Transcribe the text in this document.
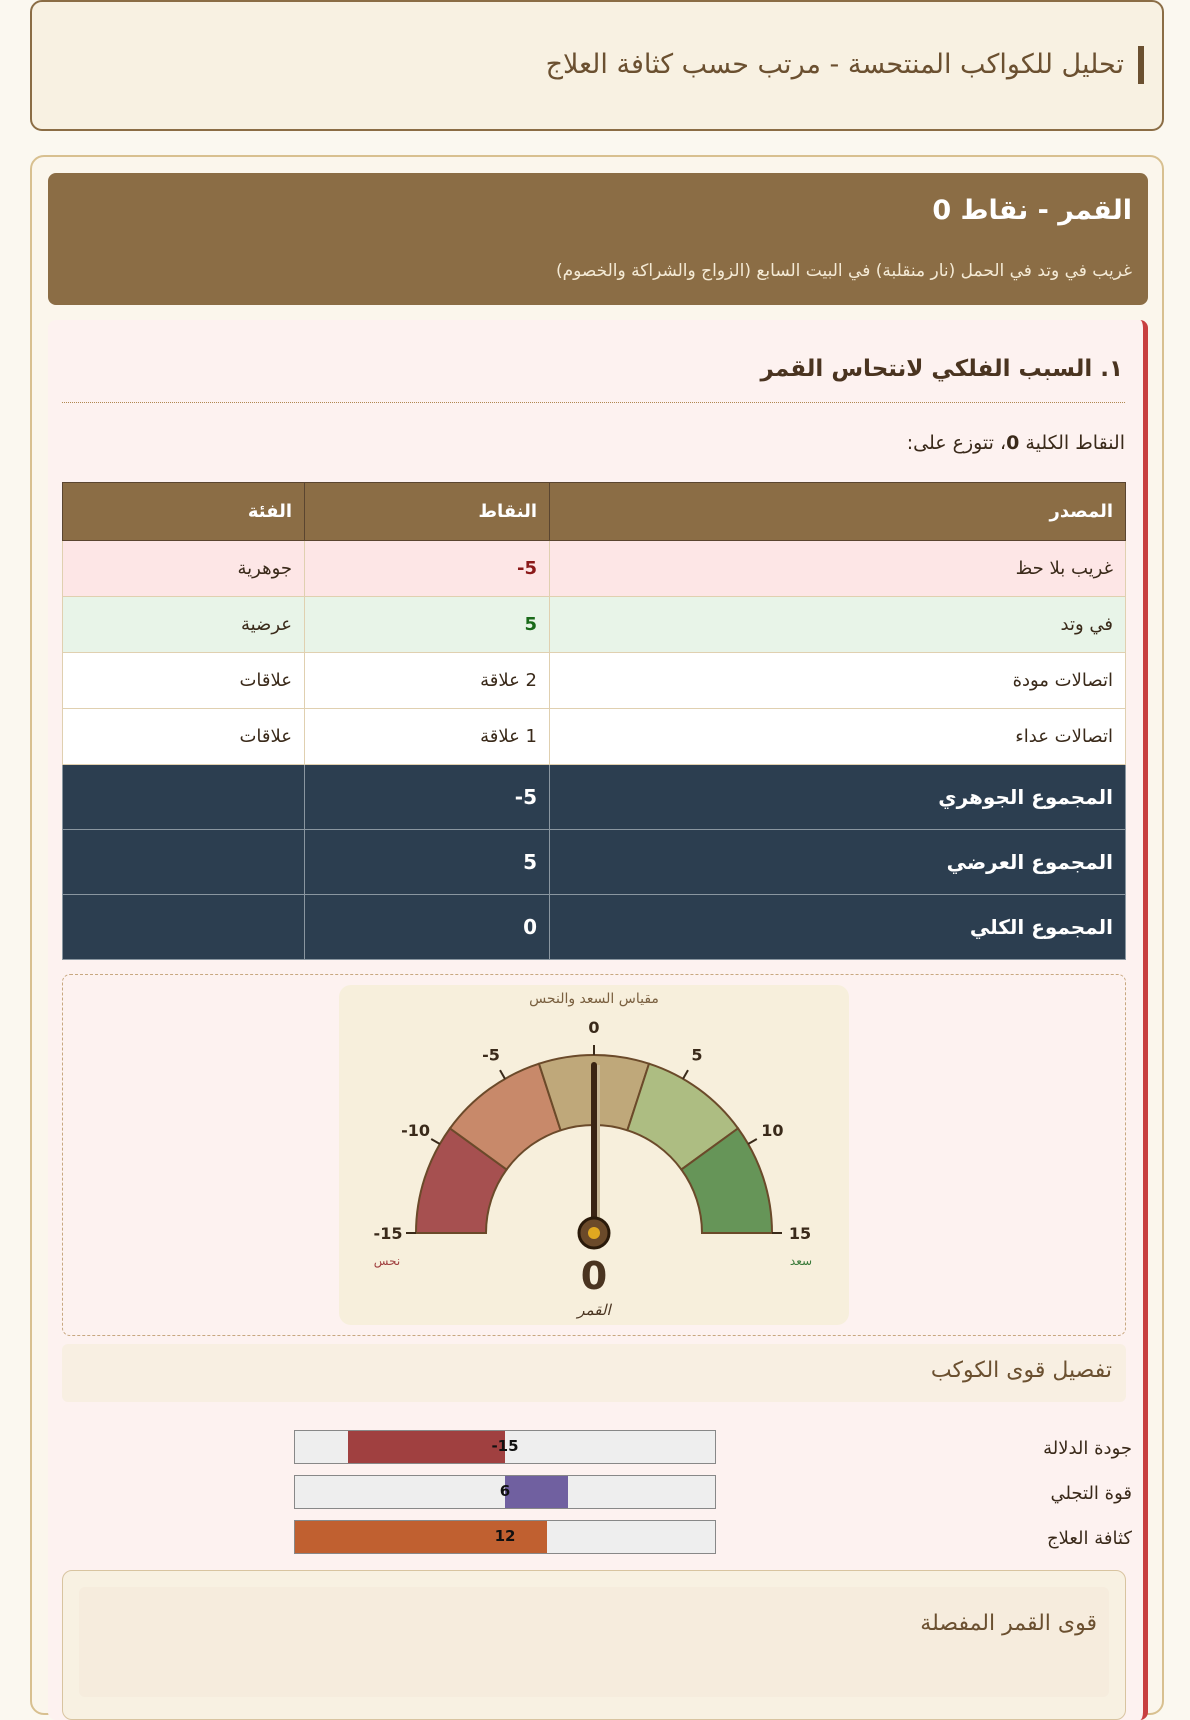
تحليل للكواكب المنتحسة - مرتب حسب كثافة العلاج
القمر - نقاط 0

غريب في وتد في الحمل (نار منقلبة) في البيت السابع (الزواج والشراكة والخصوم)

١. السبب الفلكي لانتحاس القمر
النقاط الكلية 0، تتوزع على:
المصدر	النقاط	الفئة
غريب بلا حظ	-5	جوهرية
في وتد	5	عرضية
اتصالات مودة	2 علاقة	علاقات
اتصالات عداء	1 علاقة	علاقات
المجموع الجوهري	-5	
المجموع العرضي	5	
المجموع الكلي	0	
-15
-10
-5
0
5
10
15
مقياس السعد والنحس
نحس	سعد
0
القمر
تفصيل قوى الكوكب
جودة الدلالة
-15
قوة التجلي
6
كثافة العلاج
12
قوى القمر المفصلة
